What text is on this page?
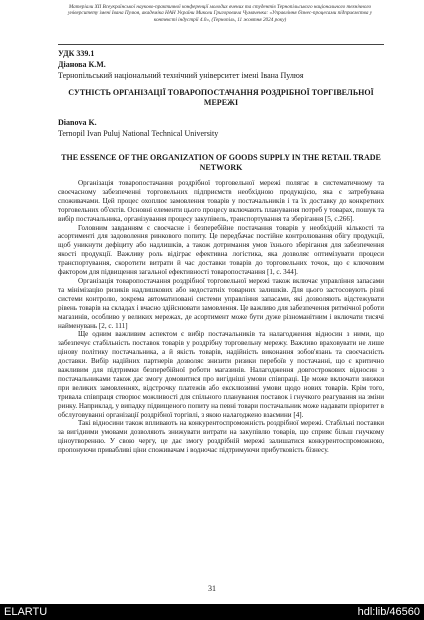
Матеріали XII Всеукраїнської науково-практичної конференції молодих вчених та студентів Тернопільського національного технічного університету імені Івана Пулюя, академіка НАН України Миколи Григоровича Чумаченка: «Управління бізнес-процесами підприємства у контексті індустрії 4.0», (Тернопіль, 11 жовтня 2024 року)
УДК 339.1
Діанова К.М.
Тернопільський національний технічний університет імені Івана Пулюя
СУТНІСТЬ ОРГАНІЗАЦІЇ ТОВАРОПОСТАЧАННЯ РОЗДРІБНОЇ ТОРГІВЕЛЬНОЇ МЕРЕЖІ
Dianova K.
Ternopil Ivan Puluj National Technical University
THE ESSENCE OF THE ORGANIZATION OF GOODS SUPPLY IN THE RETAIL TRADE NETWORK

Організація товаропостачання роздрібної торговельної мережі полягає в систематичному та своєчасному забезпеченні торговельних підприємств необхідною продукцією, яка є затребувана споживачами. Цей процес охоплює замовлення товарів у постачальників і та їх доставку до конкретних торговельних об'єктів. Основні елементи цього процесу включають планування потреб у товарах, пошук та вибір постачальника, організування процесу закупівель, транспортування та зберігання [5, с.266].

Головним завданням є своєчасне і безперебійне постачання товарів у необхідній кількості та асортименті для задоволення ринкового попиту. Це передбачає постійне контролювання обігу продукції, щоб уникнути дефіциту або надлишків, а також дотримання умов їхнього зберігання для забезпечення якості продукції. Важливу роль відіграє ефективна логістика, яка дозволяє оптимізувати процеси транспортування, скоротити витрати й час доставки товарів до торговельних точок, що є ключовим фактором для підвищення загальної ефективності товаропостачання [1, с. 344].

Організація товаропостачання роздрібної торговельної мережі також включає управління запасами та мінімізацію ризиків надлишкових або недостатніх товарних залишків. Для цього застосовують різні системи контролю, зокрема автоматизовані системи управління запасами, які дозволяють відстежувати рівень товарів на складах і вчасно здійснювати замовлення. Це важливо для забезпечення ритмічної роботи магазинів, особливо у великих мережах, де асортимент може бути дуже різноманітним і включати тисячі найменувань [2, с. 111]

Ще одним важливим аспектом є вибір постачальників та налагодження відносин з ними, що забезпечує стабільність поставок товарів у роздрібну торговельну мережу. Важливо враховувати не лише цінову політику постачальника, а й якість товарів, надійність виконання зобов'язань та своєчасність доставки. Вибір надійних партнерів дозволяє знизити ризики перебоїв у постачанні, що є критично важливим для підтримки безперебійної роботи магазинів. Налагодження довгострокових відносин з постачальниками також дає змогу домовитися про вигідніші умови співпраці. Це може включати знижки при великих замовленнях, відстрочку платежів або ексклюзивні умови щодо нових товарів. Крім того, тривала співпраця створює можливості для спільного планування поставок і гнучкого реагування на зміни ринку. Наприклад, у випадку підвищеного попиту на певні товари постачальник може надавати пріоритет в обслуговуванні організації роздрібної торгівлі, з якою налагоджено взаємини [4].

Такі відносини також впливають на конкурентоспроможність роздрібної мережі. Стабільні поставки за вигідними умовами дозволяють знижувати витрати на закупівлю товарів, що сприяє більш гнучкому ціноутворенню. У свою чергу, це дає змогу роздрібній мережі залишатися конкурентоспроможною, пропонуючи привабливі ціни споживачам і водночас підтримуючи прибутковість бізнесу.

31
ELARTU	hdl:lib/46560
